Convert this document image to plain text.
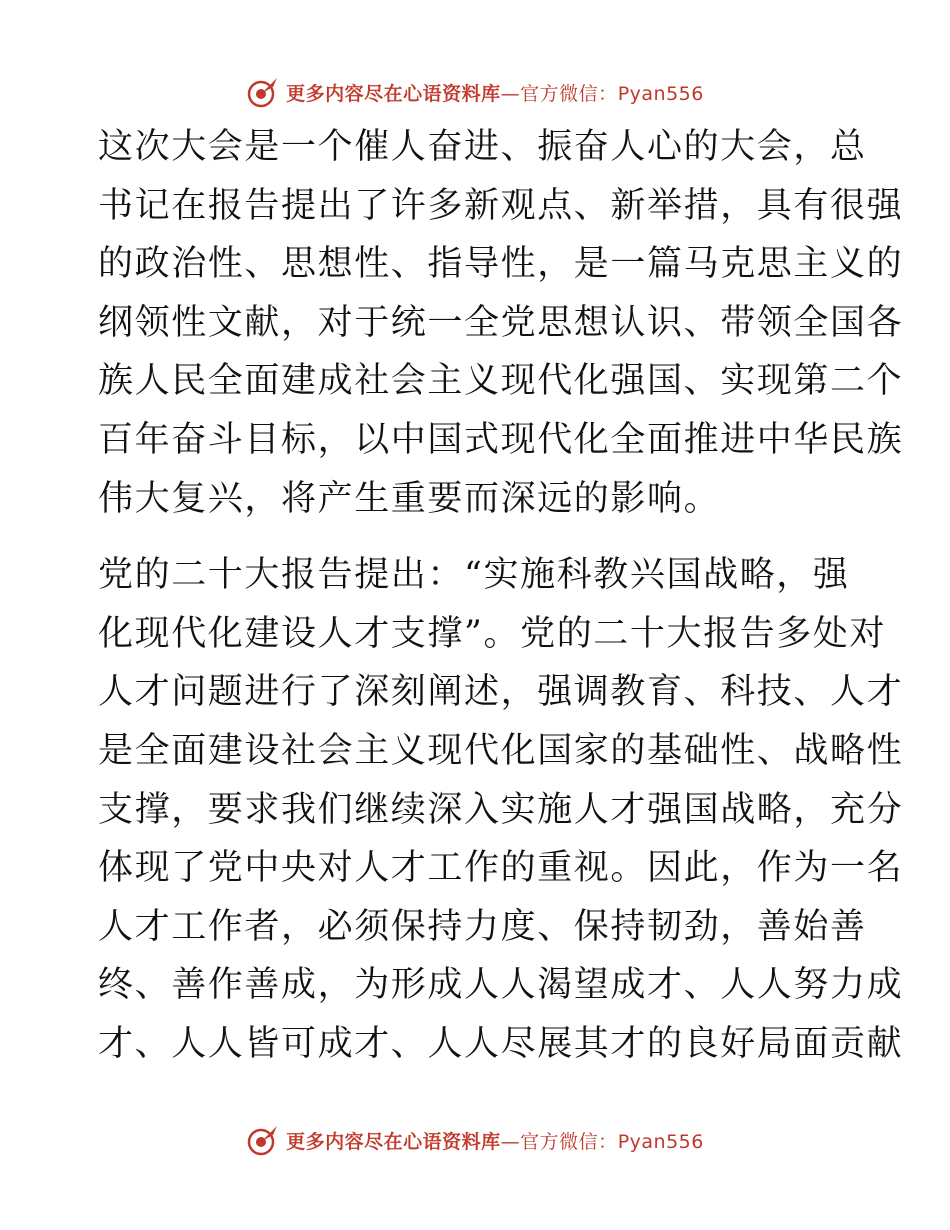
更多内容尽在心语资料库—官方微信：Pyan556

这次大会是一个催人奋进、振奋人心的大会，总
书记在报告提出了许多新观点、新举措，具有很强
的政治性、思想性、指导性，是一篇马克思主义的
纲领性文献，对于统一全党思想认识、带领全国各
族人民全面建成社会主义现代化强国、实现第二个
百年奋斗目标，以中国式现代化全面推进中华民族
伟大复兴，将产生重要而深远的影响。

党的二十大报告提出：“实施科教兴国战略，强
化现代化建设人才支撑”。党的二十大报告多处对
人才问题进行了深刻阐述，强调教育、科技、人才
是全面建设社会主义现代化国家的基础性、战略性
支撑，要求我们继续深入实施人才强国战略，充分
体现了党中央对人才工作的重视。因此，作为一名
人才工作者，必须保持力度、保持韧劲，善始善
终、善作善成，为形成人人渴望成才、人人努力成
才、人人皆可成才、人人尽展其才的良好局面贡献

更多内容尽在心语资料库—官方微信：Pyan556
